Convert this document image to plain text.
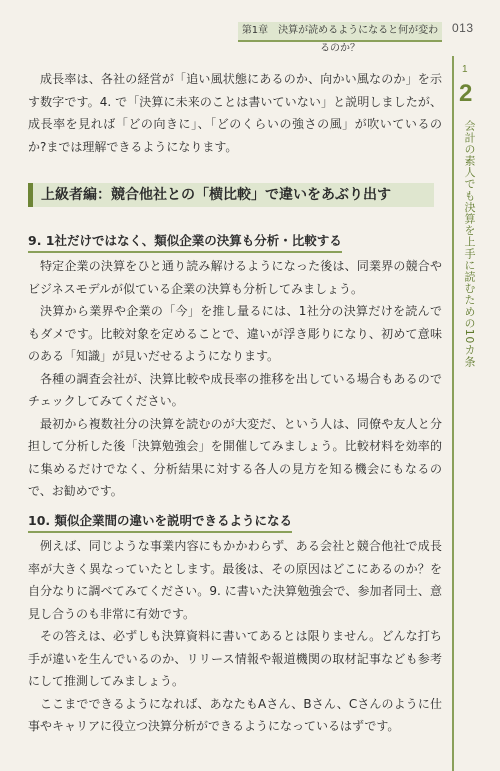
第1章　決算が読めるようになると何が変わるのか？
013
1
2
会計の素人でも決算を上手に読むための10カ条

成長率は、各社の経営が「追い風状態にあるのか、向かい風なのか」を示す数字です。4. で「決算に未来のことは書いていない」と説明しましたが、成長率を見れば「どの向きに」、「どのくらいの強さの風」が吹いているのか?までは理解できるようになります。

上級者編：競合他社との「横比較」で違いをあぶり出す
9. 1社だけではなく、類似企業の決算も分析・比較する

特定企業の決算をひと通り読み解けるようになった後は、同業界の競合やビジネスモデルが似ている企業の決算も分析してみましょう。

決算から業界や企業の「今」を推し量るには、1社分の決算だけを読んでもダメです。比較対象を定めることで、違いが浮き彫りになり、初めて意味のある「知識」が見いだせるようになります。

各種の調査会社が、決算比較や成長率の推移を出している場合もあるのでチェックしてみてください。

最初から複数社分の決算を読むのが大変だ、という人は、同僚や友人と分担して分析した後「決算勉強会」を開催してみましょう。比較材料を効率的に集めるだけでなく、分析結果に対する各人の見方を知る機会にもなるので、お勧めです。

10. 類似企業間の違いを説明できるようになる

例えば、同じような事業内容にもかかわらず、ある会社と競合他社で成長率が大きく異なっていたとします。最後は、その原因はどこにあるのか？を自分なりに調べてみてください。9. に書いた決算勉強会で、参加者同士、意見し合うのも非常に有効です。

その答えは、必ずしも決算資料に書いてあるとは限りません。どんな打ち手が違いを生んでいるのか、リリース情報や報道機関の取材記事なども参考にして推測してみましょう。

ここまでできるようになれば、あなたもAさん、Bさん、Cさんのように仕事やキャリアに役立つ決算分析ができるようになっているはずです。
